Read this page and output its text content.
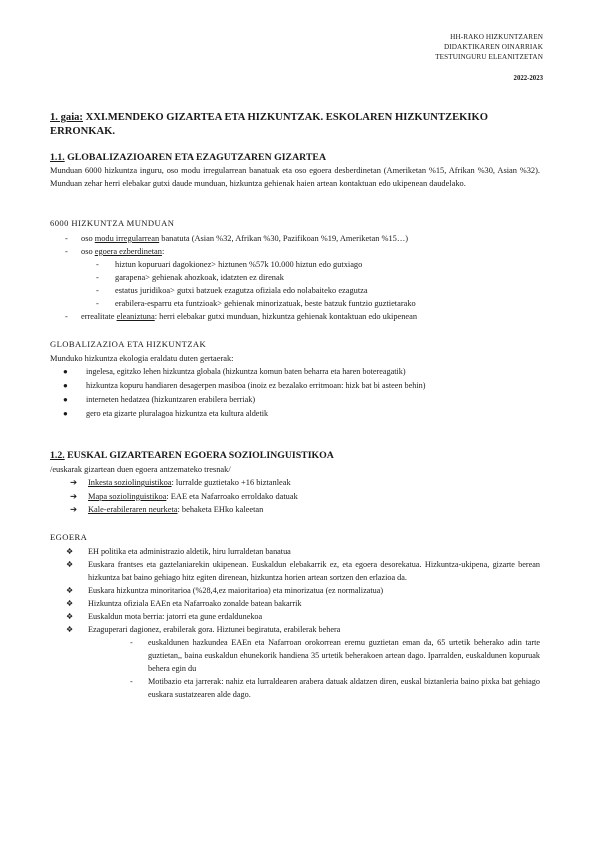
HH-RAKO HIZKUNTZAREN
DIDAKTIKAREN OINARRIAK
TESTUINGURU ELEANITZETAN
2022-2023
1. gaia: XXI.MENDEKO GIZARTEA ETA HIZKUNTZAK. ESKOLAREN HIZKUNTZEKIKO ERRONKAK.
1.1. GLOBALIZAZIOAREN ETA EZAGUTZAREN GIZARTEA
Munduan 6000 hizkuntza inguru, oso modu irregularrean banatuak eta oso egoera desberdinetan (Ameriketan %15, Afrikan %30, Asian %32). Munduan zehar herri elebakar gutxi daude munduan, hizkuntza gehienak haien artean kontaktuan edo ukipenean daudelako.
6000 HIZKUNTZA MUNDUAN
- oso modu irregularrean banatuta (Asian %32, Afrikan %30, Pazifikoan %19, Ameriketan %15…)
- oso egoera ezberdinetan:
- hiztun kopuruari dagokionez> hiztunen %57k 10.000 hiztun edo gutxiago
- garapena> gehienak ahozkoak, idatzten ez direnak
- estatus juridikoa> gutxi batzuek ezagutza ofiziala edo nolabaiteko ezagutza
- erabilera-esparru eta funtzioak> gehienak minorizatuak, beste batzuk funtzio guztietarako
- errealitate eleaniztuna: herri elebakar gutxi munduan, hizkuntza gehienak kontaktuan edo ukipenean
GLOBALIZAZIOA ETA HIZKUNTZAK
Munduko hizkuntza ekologia eraldatu duten gertaerak:
● ingelesa, egitzko lehen hizkuntza globala (hizkuntza komun baten beharra eta haren botereagatik)
● hizkuntza kopuru handiaren desagerpen masiboa (inoiz ez bezalako erritmoan: hizk bat bi asteen behin)
● interneten hedatzea (hizkuntzaren erabilera berriak)
● gero eta gizarte pluralagoa hizkuntza eta kultura aldetik
1.2. EUSKAL GIZARTEAREN EGOERA SOZIOLINGUISTIKOA
/euskarak gizartean duen egoera antzemateko tresnak/
➔ Inkesta soziolinguistikoa: lurralde guztietako +16 biztanleak
➔ Mapa soziolinguistikoa: EAE eta Nafarroako erroldako datuak
➔ Kale-erabileraren neurketa: behaketa EHko kaleetan
EGOERA
❖ EH politika eta administrazio aldetik, hiru lurraldetan banatua
❖ Euskara frantses eta gaztelaniarekin ukipenean. Euskaldun elebakarrik ez, eta egoera desorekatua. Hizkuntza-ukipena, gizarte berean hizkuntza bat baino gehiago hitz egiten direnean, hizkuntza horien artean sortzen den erlazioa da.
❖ Euskara hizkuntza minoritarioa (%28,4,ez maioritarioa) eta minorizatua (ez normalizatua)
❖ Hizkuntza ofiziala EAEn eta Nafarroako zonalde batean bakarrik
❖ Euskaldun mota berria: jatorri eta gune erdaldunekoa
❖ Ezaguperari dagionez, erabilerak gora. Hiztunei begiratuta, erabilerak behera
- euskaldunen hazkundea EAEn eta Nafarroan orokorrean eremu guztietan eman da, 65 urtetik beherako adin tarte guztietan,, baina euskaldun ehunekorik handiena 35 urtetik beherakoen artean dago. Iparralden, euskaldunen kopuruak behera egin du
- Motibazio eta jarrerak: nahiz eta lurraldearen arabera datuak aldatzen diren, euskal biztanleria baino pixka bat gehiago euskara sustatzearen alde dago.
